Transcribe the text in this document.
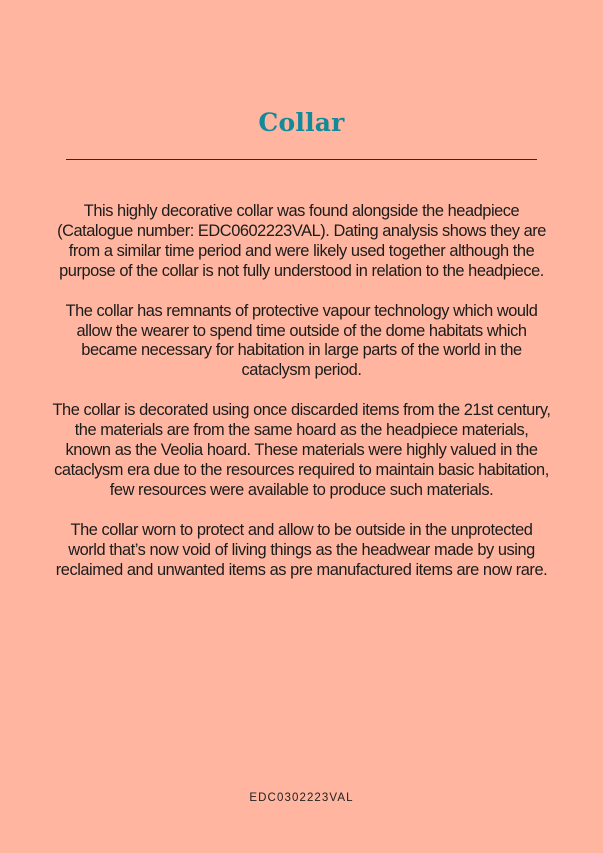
Collar

This highly decorative collar was found alongside the headpiece (Catalogue number: EDC0602223VAL). Dating analysis shows they are from a similar time period and were likely used together although the purpose of the collar is not fully understood in relation to the headpiece.

The collar has remnants of protective vapour technology which would allow the wearer to spend time outside of the dome habitats which became necessary for habitation in large parts of the world in the cataclysm period.

The collar is decorated using once discarded items from the 21st century, the materials are from the same hoard as the headpiece materials, known as the Veolia hoard. These materials were highly valued in the cataclysm era due to the resources required to maintain basic habitation, few resources were available to produce such materials.

The collar worn to protect and allow to be outside in the unprotected world that’s now void of living things as the headwear made by using reclaimed and unwanted items as pre manufactured items are now rare.

EDC0302223VAL
